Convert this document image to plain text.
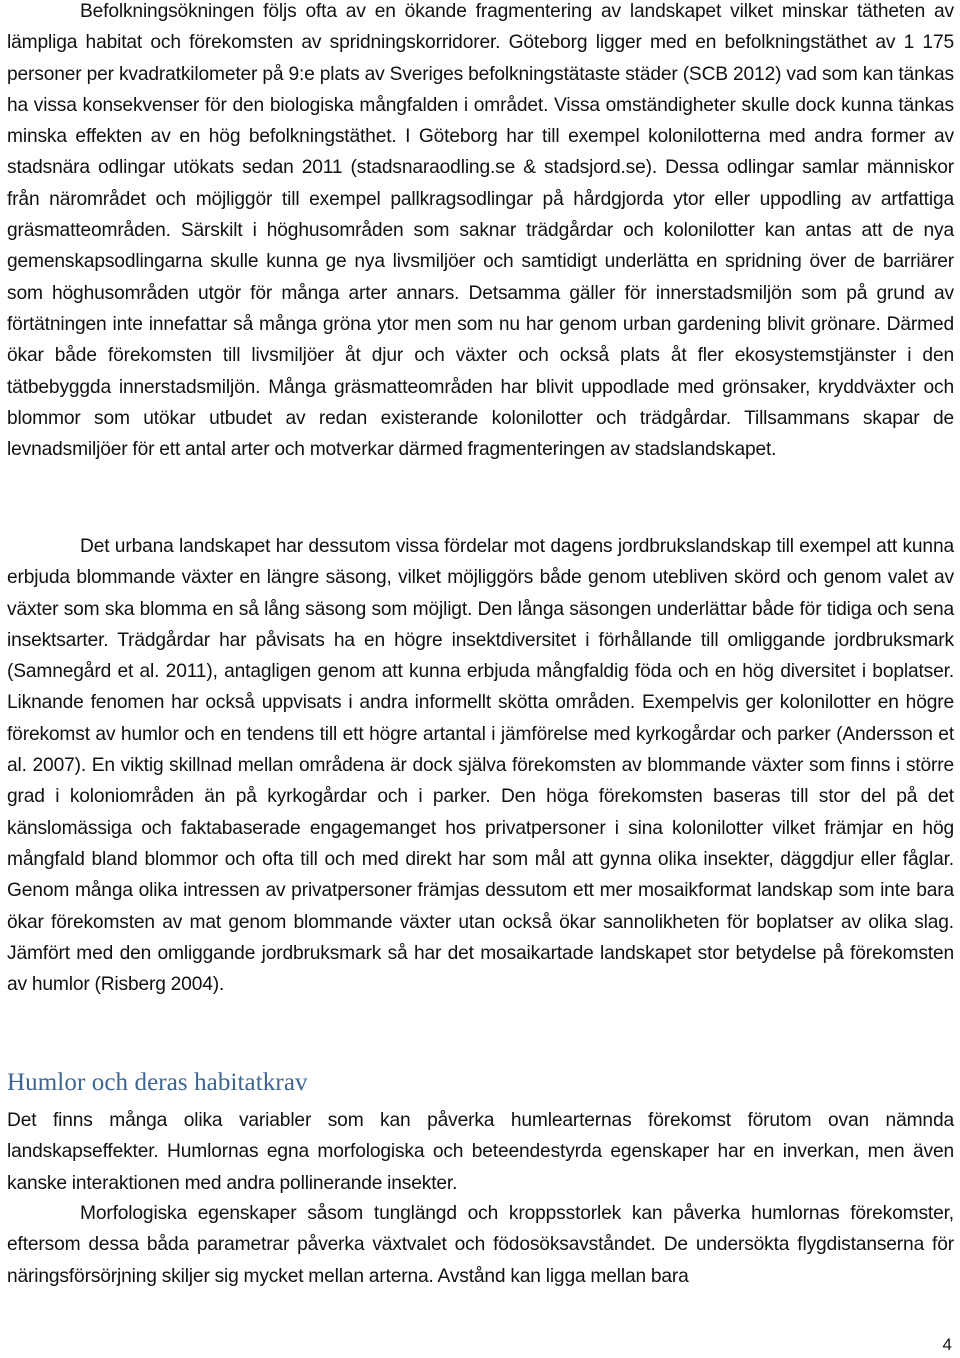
Befolkningsökningen följs ofta av en ökande fragmentering av landskapet vilket minskar tätheten av lämpliga habitat och förekomsten av spridningskorridorer. Göteborg ligger med en befolkningstäthet av 1 175 personer per kvadratkilometer på 9:e plats av Sveriges befolkningstätaste städer (SCB 2012) vad som kan tänkas ha vissa konsekvenser för den biologiska mångfalden i området. Vissa omständigheter skulle dock kunna tänkas minska effekten av en hög befolkningstäthet. I Göteborg har till exempel kolonilotterna med andra former av stadsnära odlingar utökats sedan 2011 (stadsnaraodling.se & stadsjord.se). Dessa odlingar samlar människor från närområdet och möjliggör till exempel pallkragsodlingar på hårdgjorda ytor eller uppodling av artfattiga gräsmatteområden. Särskilt i höghusområden som saknar trädgårdar och kolonilotter kan antas att de nya gemenskapsodlingarna skulle kunna ge nya livsmiljöer och samtidigt underlätta en spridning över de barriärer som höghusområden utgör för många arter annars. Detsamma gäller för innerstadsmiljön som på grund av förtätningen inte innefattar så många gröna ytor men som nu har genom urban gardening blivit grönare. Därmed ökar både förekomsten till livsmiljöer åt djur och växter och också plats åt fler ekosystemstjänster i den tätbebyggda innerstadsmiljön. Många gräsmatteområden har blivit uppodlade med grönsaker, kryddväxter och blommor som utökar utbudet av redan existerande kolonilotter och trädgårdar. Tillsammans skapar de levnadsmiljöer för ett antal arter och motverkar därmed fragmenteringen av stadslandskapet.

Det urbana landskapet har dessutom vissa fördelar mot dagens jordbrukslandskap till exempel att kunna erbjuda blommande växter en längre säsong, vilket möjliggörs både genom utebliven skörd och genom valet av växter som ska blomma en så lång säsong som möjligt. Den långa säsongen underlättar både för tidiga och sena insektsarter. Trädgårdar har påvisats ha en högre insektdiversitet i förhållande till omliggande jordbruksmark (Samnegård et al. 2011), antagligen genom att kunna erbjuda mångfaldig föda och en hög diversitet i boplatser. Liknande fenomen har också uppvisats i andra informellt skötta områden. Exempelvis ger kolonilotter en högre förekomst av humlor och en tendens till ett högre artantal i jämförelse med kyrkogårdar och parker (Andersson et al. 2007). En viktig skillnad mellan områdena är dock själva förekomsten av blommande växter som finns i större grad i koloniområden än på kyrkogårdar och i parker. Den höga förekomsten baseras till stor del på det känslomässiga och faktabaserade engagemanget hos privatpersoner i sina kolonilotter vilket främjar en hög mångfald bland blommor och ofta till och med direkt har som mål att gynna olika insekter, däggdjur eller fåglar. Genom många olika intressen av privatpersoner främjas dessutom ett mer mosaikformat landskap som inte bara ökar förekomsten av mat genom blommande växter utan också ökar sannolikheten för boplatser av olika slag. Jämfört med den omliggande jordbruksmark så har det mosaikartade landskapet stor betydelse på förekomsten av humlor (Risberg 2004).

Humlor och deras habitatkrav

Det finns många olika variabler som kan påverka humlearternas förekomst förutom ovan nämnda landskapseffekter. Humlornas egna morfologiska och beteendestyrda egenskaper har en inverkan, men även kanske interaktionen med andra pollinerande insekter.

Morfologiska egenskaper såsom tunglängd och kroppsstorlek kan påverka humlornas förekomster, eftersom dessa båda parametrar påverka växtvalet och födosöksavståndet. De undersökta flygdistanserna för näringsförsörjning skiljer sig mycket mellan arterna. Avstånd kan ligga mellan bara

4
